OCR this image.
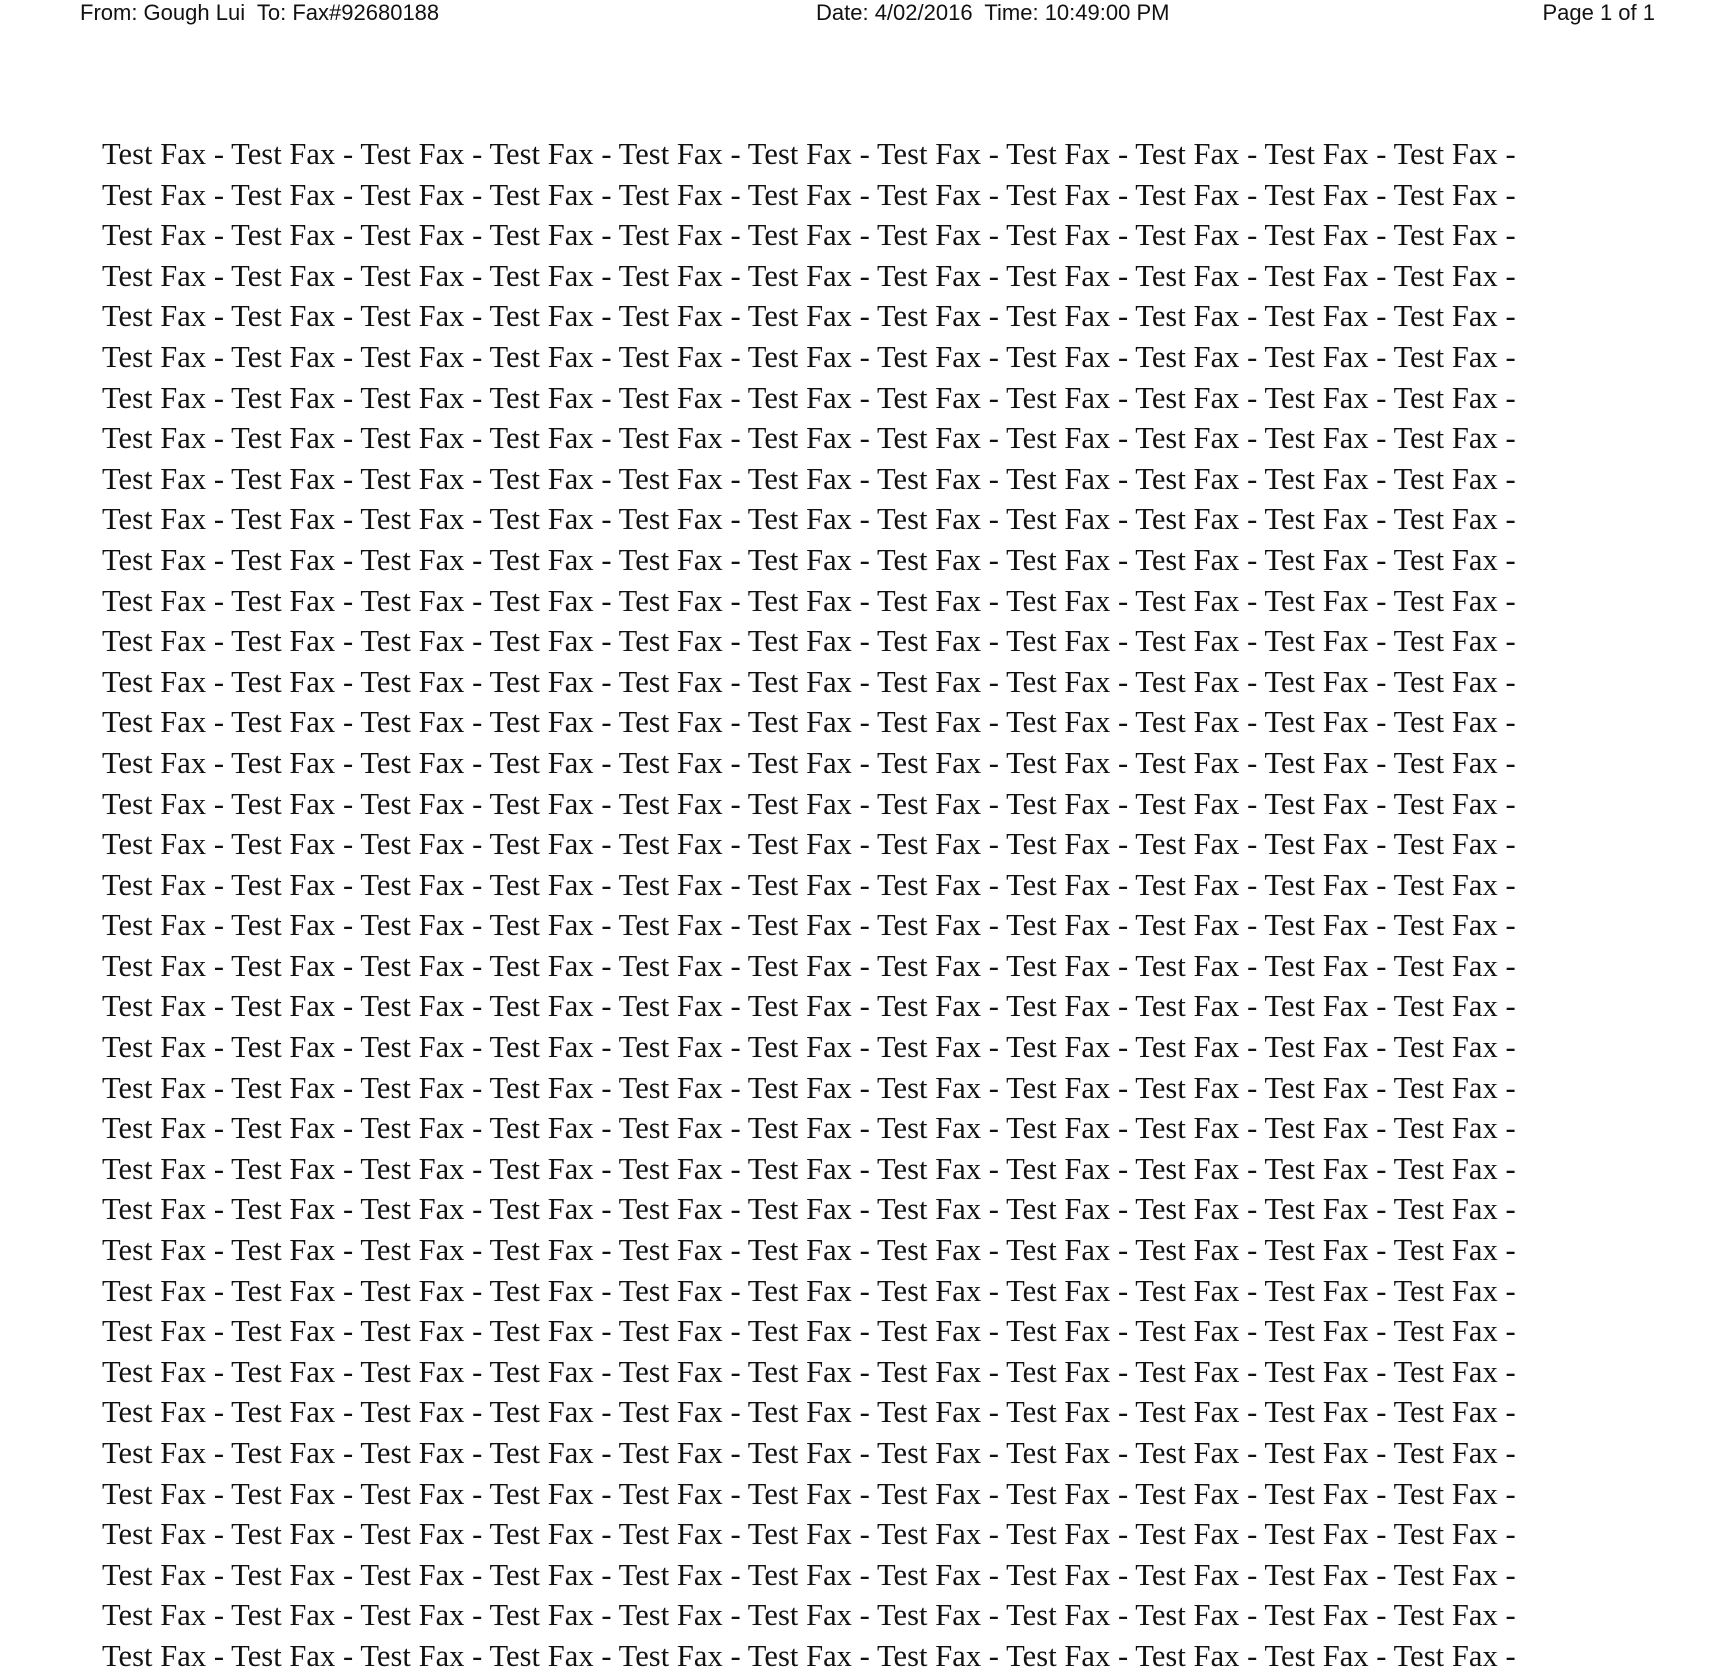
From: Gough Lui  To: Fax#92680188	Date: 4/02/2016  Time: 10:49:00 PM	Page 1 of 1
Test Fax - Test Fax - Test Fax - Test Fax - Test Fax - Test Fax - Test Fax - Test Fax - Test Fax - Test Fax - Test Fax -
Test Fax - Test Fax - Test Fax - Test Fax - Test Fax - Test Fax - Test Fax - Test Fax - Test Fax - Test Fax - Test Fax -
Test Fax - Test Fax - Test Fax - Test Fax - Test Fax - Test Fax - Test Fax - Test Fax - Test Fax - Test Fax - Test Fax -
Test Fax - Test Fax - Test Fax - Test Fax - Test Fax - Test Fax - Test Fax - Test Fax - Test Fax - Test Fax - Test Fax -
Test Fax - Test Fax - Test Fax - Test Fax - Test Fax - Test Fax - Test Fax - Test Fax - Test Fax - Test Fax - Test Fax -
Test Fax - Test Fax - Test Fax - Test Fax - Test Fax - Test Fax - Test Fax - Test Fax - Test Fax - Test Fax - Test Fax -
Test Fax - Test Fax - Test Fax - Test Fax - Test Fax - Test Fax - Test Fax - Test Fax - Test Fax - Test Fax - Test Fax -
Test Fax - Test Fax - Test Fax - Test Fax - Test Fax - Test Fax - Test Fax - Test Fax - Test Fax - Test Fax - Test Fax -
Test Fax - Test Fax - Test Fax - Test Fax - Test Fax - Test Fax - Test Fax - Test Fax - Test Fax - Test Fax - Test Fax -
Test Fax - Test Fax - Test Fax - Test Fax - Test Fax - Test Fax - Test Fax - Test Fax - Test Fax - Test Fax - Test Fax -
Test Fax - Test Fax - Test Fax - Test Fax - Test Fax - Test Fax - Test Fax - Test Fax - Test Fax - Test Fax - Test Fax -
Test Fax - Test Fax - Test Fax - Test Fax - Test Fax - Test Fax - Test Fax - Test Fax - Test Fax - Test Fax - Test Fax -
Test Fax - Test Fax - Test Fax - Test Fax - Test Fax - Test Fax - Test Fax - Test Fax - Test Fax - Test Fax - Test Fax -
Test Fax - Test Fax - Test Fax - Test Fax - Test Fax - Test Fax - Test Fax - Test Fax - Test Fax - Test Fax - Test Fax -
Test Fax - Test Fax - Test Fax - Test Fax - Test Fax - Test Fax - Test Fax - Test Fax - Test Fax - Test Fax - Test Fax -
Test Fax - Test Fax - Test Fax - Test Fax - Test Fax - Test Fax - Test Fax - Test Fax - Test Fax - Test Fax - Test Fax -
Test Fax - Test Fax - Test Fax - Test Fax - Test Fax - Test Fax - Test Fax - Test Fax - Test Fax - Test Fax - Test Fax -
Test Fax - Test Fax - Test Fax - Test Fax - Test Fax - Test Fax - Test Fax - Test Fax - Test Fax - Test Fax - Test Fax -
Test Fax - Test Fax - Test Fax - Test Fax - Test Fax - Test Fax - Test Fax - Test Fax - Test Fax - Test Fax - Test Fax -
Test Fax - Test Fax - Test Fax - Test Fax - Test Fax - Test Fax - Test Fax - Test Fax - Test Fax - Test Fax - Test Fax -
Test Fax - Test Fax - Test Fax - Test Fax - Test Fax - Test Fax - Test Fax - Test Fax - Test Fax - Test Fax - Test Fax -
Test Fax - Test Fax - Test Fax - Test Fax - Test Fax - Test Fax - Test Fax - Test Fax - Test Fax - Test Fax - Test Fax -
Test Fax - Test Fax - Test Fax - Test Fax - Test Fax - Test Fax - Test Fax - Test Fax - Test Fax - Test Fax - Test Fax -
Test Fax - Test Fax - Test Fax - Test Fax - Test Fax - Test Fax - Test Fax - Test Fax - Test Fax - Test Fax - Test Fax -
Test Fax - Test Fax - Test Fax - Test Fax - Test Fax - Test Fax - Test Fax - Test Fax - Test Fax - Test Fax - Test Fax -
Test Fax - Test Fax - Test Fax - Test Fax - Test Fax - Test Fax - Test Fax - Test Fax - Test Fax - Test Fax - Test Fax -
Test Fax - Test Fax - Test Fax - Test Fax - Test Fax - Test Fax - Test Fax - Test Fax - Test Fax - Test Fax - Test Fax -
Test Fax - Test Fax - Test Fax - Test Fax - Test Fax - Test Fax - Test Fax - Test Fax - Test Fax - Test Fax - Test Fax -
Test Fax - Test Fax - Test Fax - Test Fax - Test Fax - Test Fax - Test Fax - Test Fax - Test Fax - Test Fax - Test Fax -
Test Fax - Test Fax - Test Fax - Test Fax - Test Fax - Test Fax - Test Fax - Test Fax - Test Fax - Test Fax - Test Fax -
Test Fax - Test Fax - Test Fax - Test Fax - Test Fax - Test Fax - Test Fax - Test Fax - Test Fax - Test Fax - Test Fax -
Test Fax - Test Fax - Test Fax - Test Fax - Test Fax - Test Fax - Test Fax - Test Fax - Test Fax - Test Fax - Test Fax -
Test Fax - Test Fax - Test Fax - Test Fax - Test Fax - Test Fax - Test Fax - Test Fax - Test Fax - Test Fax - Test Fax -
Test Fax - Test Fax - Test Fax - Test Fax - Test Fax - Test Fax - Test Fax - Test Fax - Test Fax - Test Fax - Test Fax -
Test Fax - Test Fax - Test Fax - Test Fax - Test Fax - Test Fax - Test Fax - Test Fax - Test Fax - Test Fax - Test Fax -
Test Fax - Test Fax - Test Fax - Test Fax - Test Fax - Test Fax - Test Fax - Test Fax - Test Fax - Test Fax - Test Fax -
Test Fax - Test Fax - Test Fax - Test Fax - Test Fax - Test Fax - Test Fax - Test Fax - Test Fax - Test Fax - Test Fax -
Test Fax - Test Fax - Test Fax - Test Fax - Test Fax - Test Fax - Test Fax - Test Fax - Test Fax - Test Fax - Test Fax -
